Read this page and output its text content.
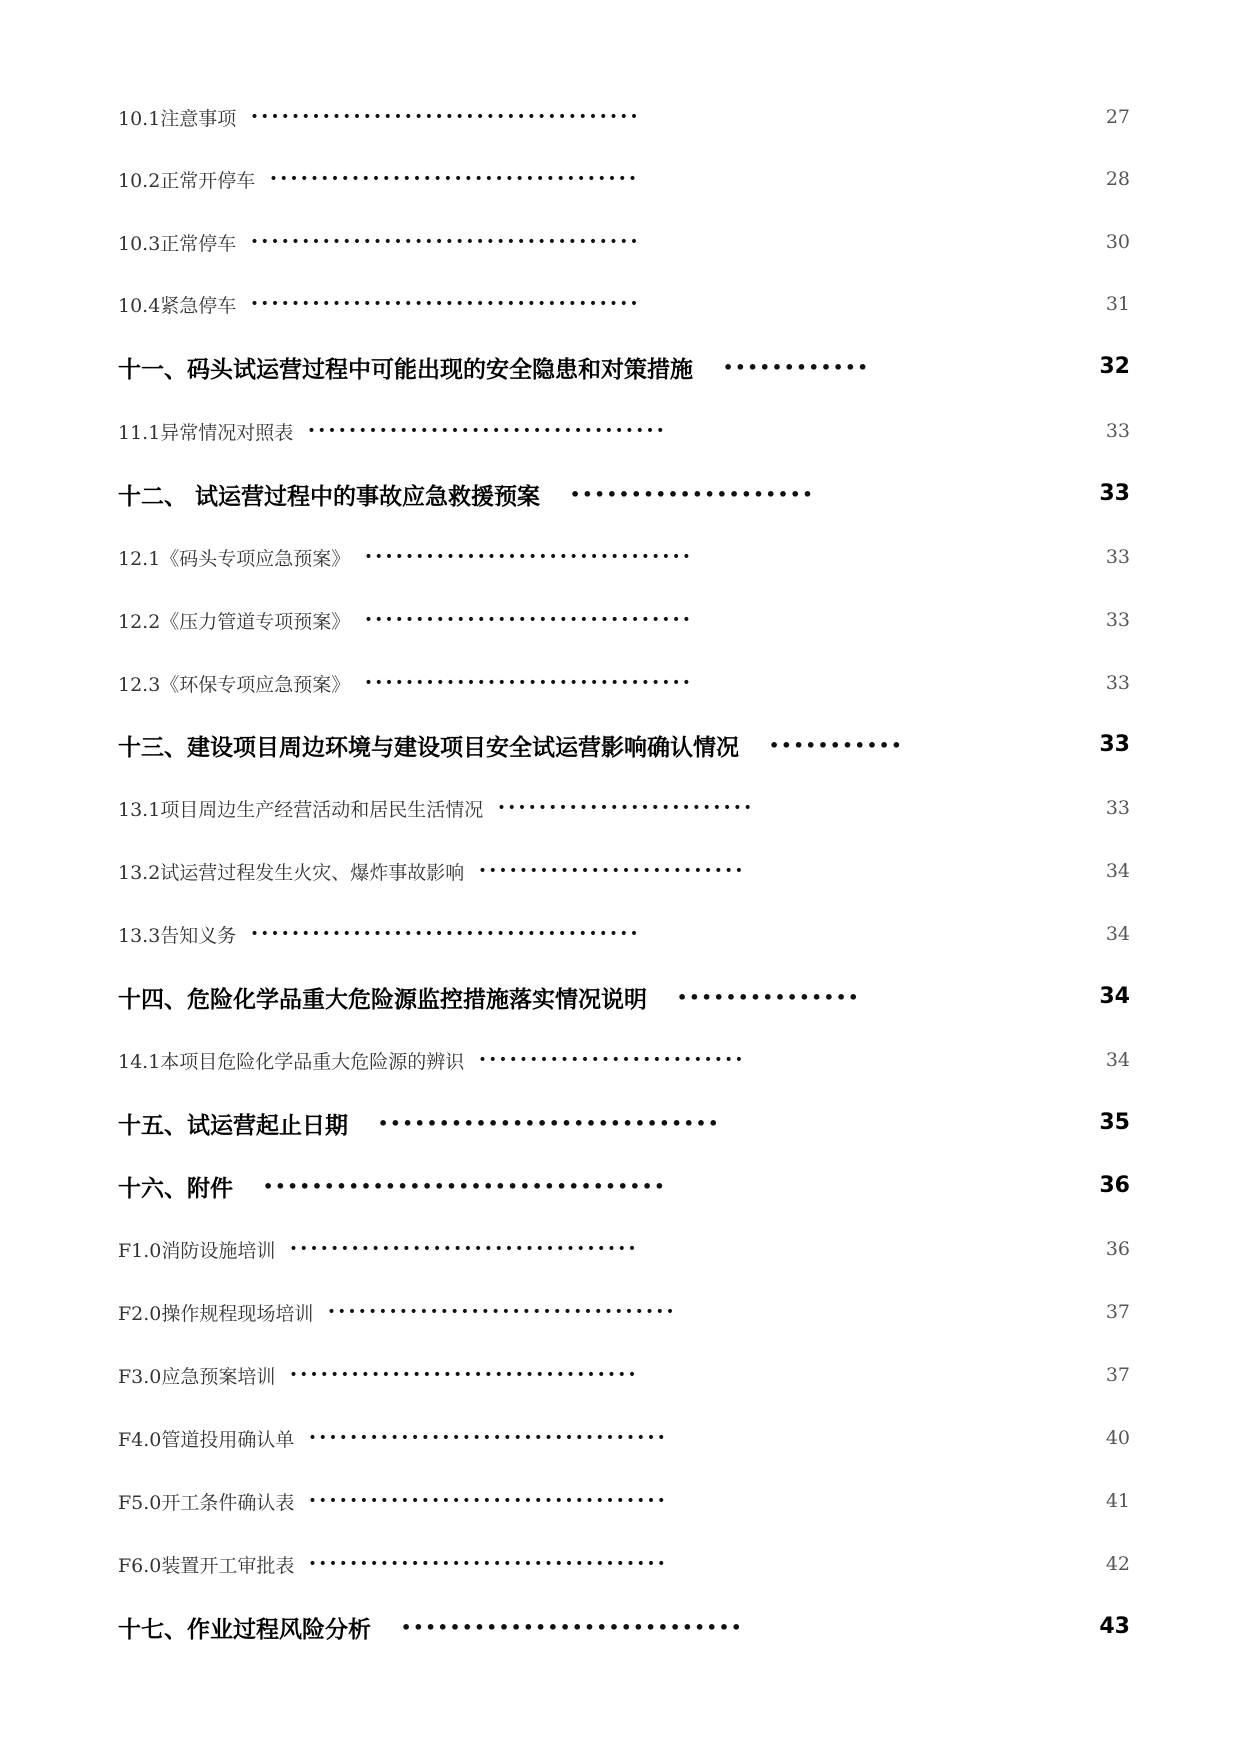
10.1注意事项 ••••••••••••••••••••••••••••••••••••••	27
10.2正常开停车 ••••••••••••••••••••••••••••••••••••	28
10.3正常停车 ••••••••••••••••••••••••••••••••••••••	30
10.4紧急停车 ••••••••••••••••••••••••••••••••••••••	31
十一、码头试运营过程中可能出现的安全隐患和对策措施 ••••••••••••	32
11.1异常情况对照表 •••••••••••••••••••••••••••••••••••	33
十二、 试运营过程中的事故应急救援预案 ••••••••••••••••••••	33
12.1《码头专项应急预案》 ••••••••••••••••••••••••••••••••	33
12.2《压力管道专项预案》 ••••••••••••••••••••••••••••••••	33
12.3《环保专项应急预案》 ••••••••••••••••••••••••••••••••	33
十三、建设项目周边环境与建设项目安全试运营影响确认情况 •••••••••••	33
13.1项目周边生产经营活动和居民生活情况 •••••••••••••••••••••••••	33
13.2试运营过程发生火灾、爆炸事故影响 ••••••••••••••••••••••••••	34
13.3告知义务 ••••••••••••••••••••••••••••••••••••••	34
十四、危险化学品重大危险源监控措施落实情况说明 •••••••••••••••	34
14.1本项目危险化学品重大危险源的辨识 ••••••••••••••••••••••••••	34
十五、试运营起止日期 ••••••••••••••••••••••••••••	35
十六、附件 •••••••••••••••••••••••••••••••••	36
F1.0消防设施培训 ••••••••••••••••••••••••••••••••••	36
F2.0操作规程现场培训 ••••••••••••••••••••••••••••••••••	37
F3.0应急预案培训 ••••••••••••••••••••••••••••••••••	37
F4.0管道投用确认单 •••••••••••••••••••••••••••••••••••	40
F5.0开工条件确认表 •••••••••••••••••••••••••••••••••••	41
F6.0装置开工审批表 •••••••••••••••••••••••••••••••••••	42
十七、作业过程风险分析 ••••••••••••••••••••••••••••	43
